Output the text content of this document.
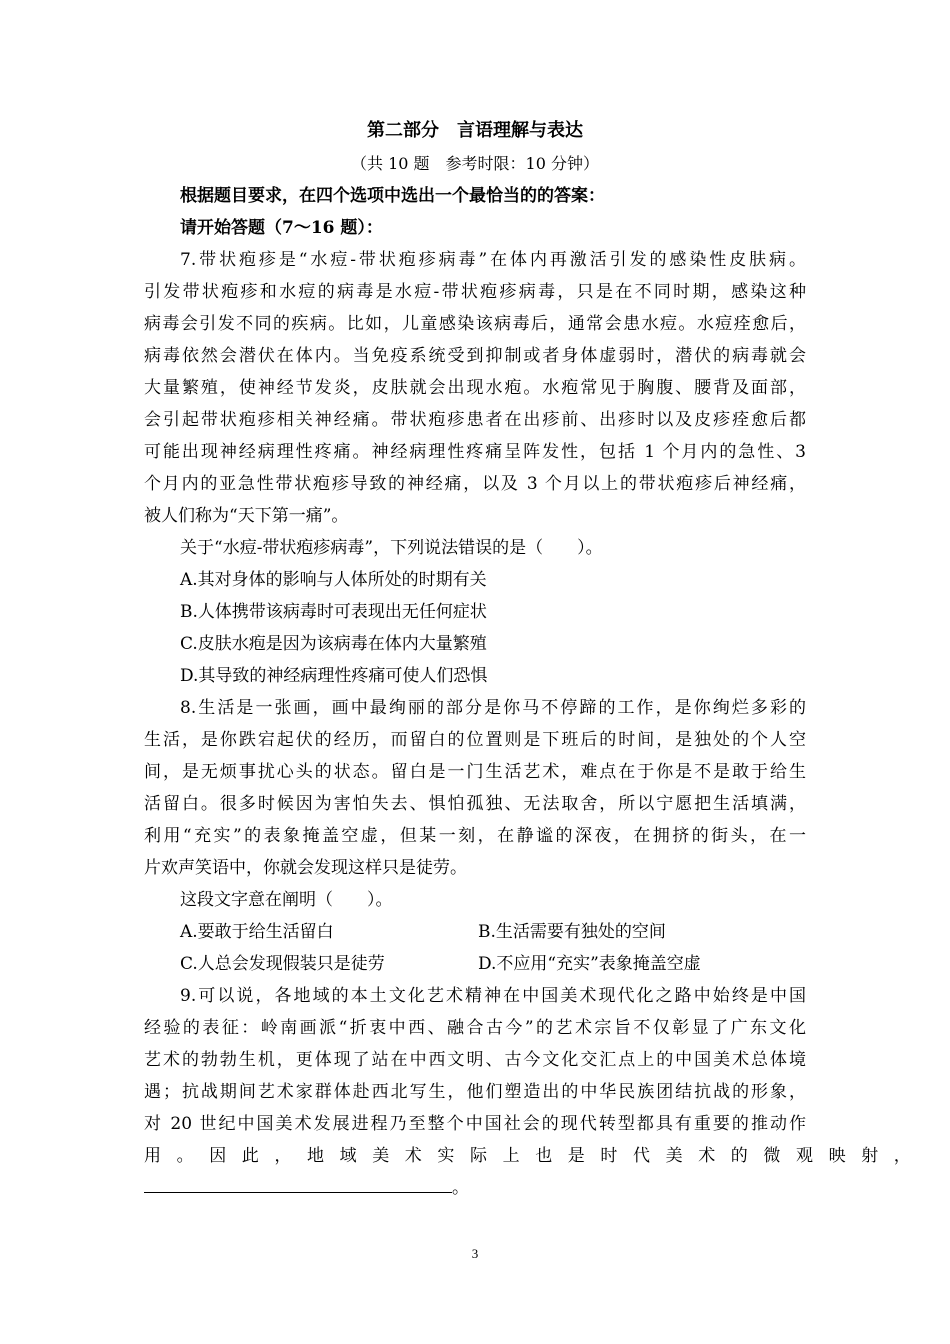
第二部分　言语理解与表达
（共 10 题　参考时限：10 分钟）
根据题目要求，在四个选项中选出一个最恰当的的答案：
请开始答题（7～16 题）：
7.带状疱疹是“水痘-带状疱疹病毒”在体内再激活引发的感染性皮肤病。
引发带状疱疹和水痘的病毒是水痘-带状疱疹病毒，只是在不同时期，感染这种
病毒会引发不同的疾病。比如，儿童感染该病毒后，通常会患水痘。水痘痊愈后，
病毒依然会潜伏在体内。当免疫系统受到抑制或者身体虚弱时，潜伏的病毒就会
大量繁殖，使神经节发炎，皮肤就会出现水疱。水疱常见于胸腹、腰背及面部，
会引起带状疱疹相关神经痛。带状疱疹患者在出疹前、出疹时以及皮疹痊愈后都
可能出现神经病理性疼痛。神经病理性疼痛呈阵发性，包括 1 个月内的急性、3
个月内的亚急性带状疱疹导致的神经痛，以及 3 个月以上的带状疱疹后神经痛，
被人们称为“天下第一痛”。
关于“水痘-带状疱疹病毒”，下列说法错误的是（　　）。
A.其对身体的影响与人体所处的时期有关
B.人体携带该病毒时可表现出无任何症状
C.皮肤水疱是因为该病毒在体内大量繁殖
D.其导致的神经病理性疼痛可使人们恐惧
8.生活是一张画，画中最绚丽的部分是你马不停蹄的工作，是你绚烂多彩的
生活，是你跌宕起伏的经历，而留白的位置则是下班后的时间，是独处的个人空
间，是无烦事扰心头的状态。留白是一门生活艺术，难点在于你是不是敢于给生
活留白。很多时候因为害怕失去、惧怕孤独、无法取舍，所以宁愿把生活填满，
利用“充实”的表象掩盖空虚，但某一刻，在静谧的深夜，在拥挤的街头，在一
片欢声笑语中，你就会发现这样只是徒劳。
这段文字意在阐明（　　）。
A.要敢于给生活留白	B.生活需要有独处的空间
C.人总会发现假装只是徒劳	D.不应用“充实”表象掩盖空虚
9.可以说，各地域的本土文化艺术精神在中国美术现代化之路中始终是中国
经验的表征：岭南画派“折衷中西、融合古今”的艺术宗旨不仅彰显了广东文化
艺术的勃勃生机，更体现了站在中西文明、古今文化交汇点上的中国美术总体境
遇；抗战期间艺术家群体赴西北写生，他们塑造出的中华民族团结抗战的形象，
对 20 世纪中国美术发展进程乃至整个中国社会的现代转型都具有重要的推动作
用。因此，地域美术实际上也是时代美术的微观映射，
。
3
